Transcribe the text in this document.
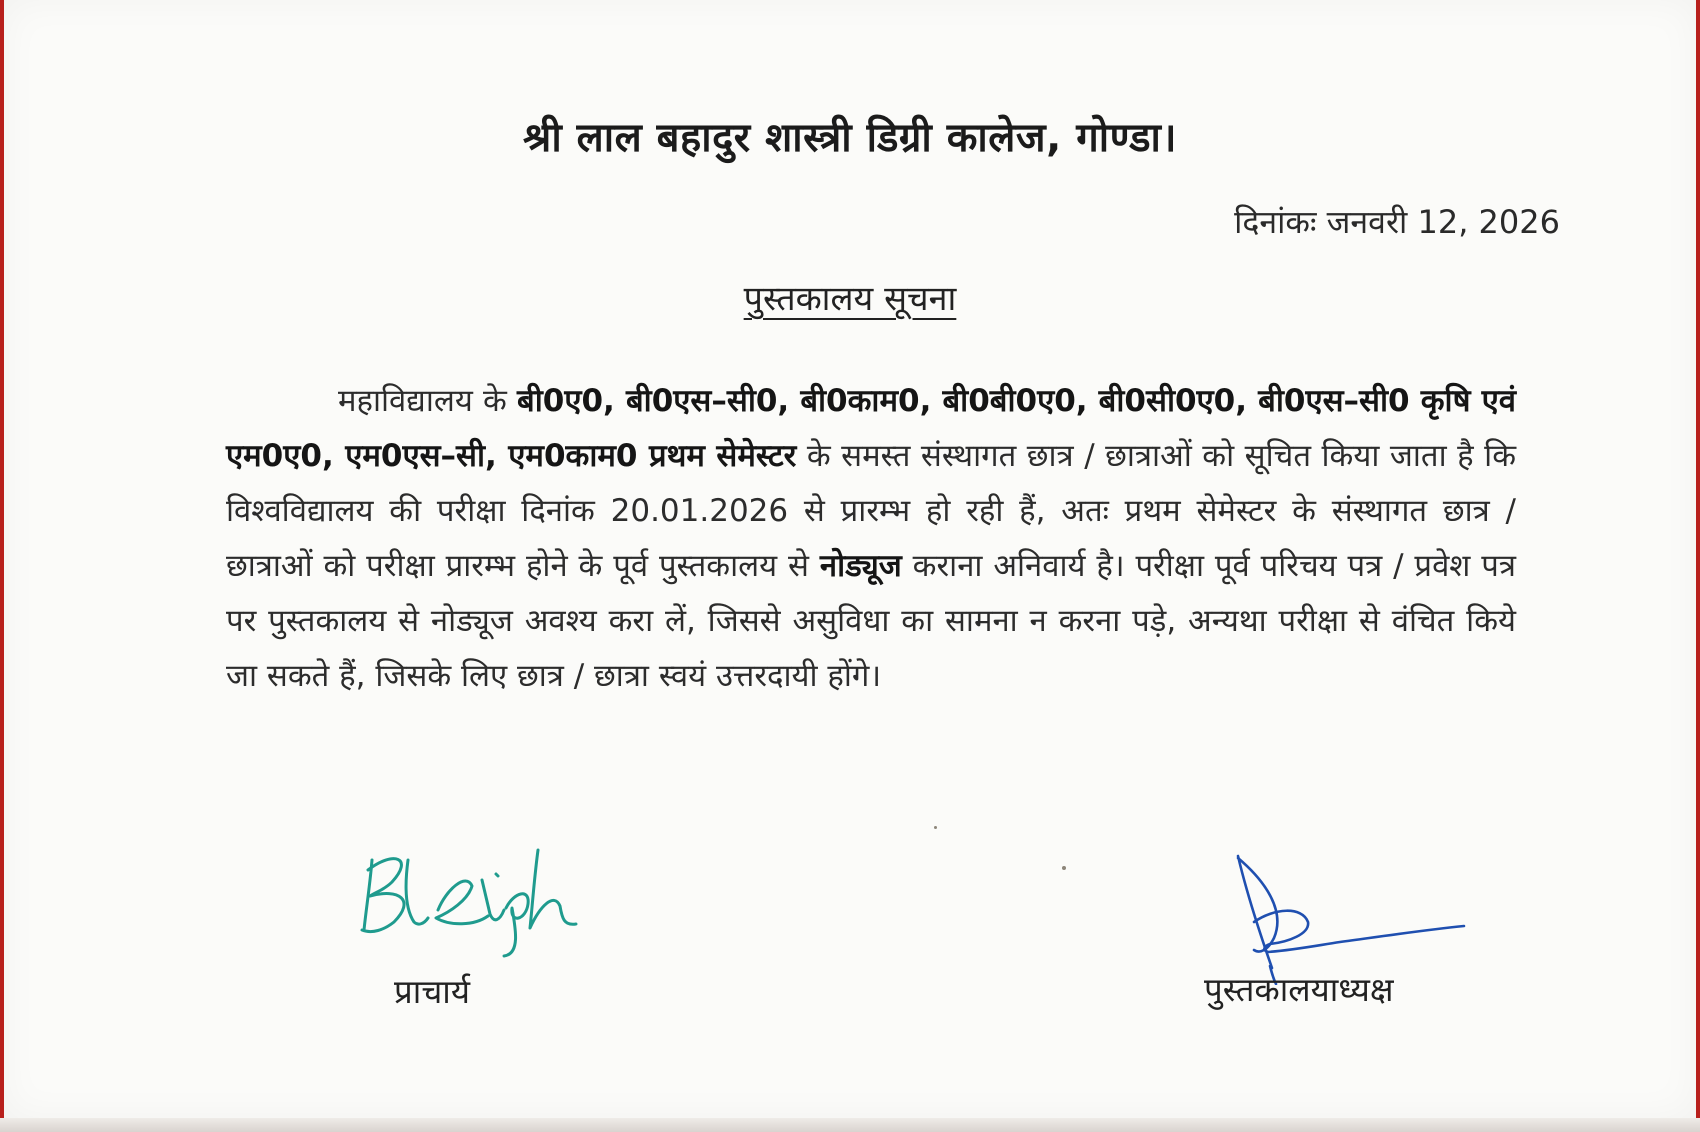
श्री लाल बहादुर शास्त्री डिग्री कालेज, गोण्डा।
दिनांकः जनवरी 12, 2026
पुस्तकालय सूचना

महाविद्यालय के बी0ए0, बी0एस–सी0, बी0काम0, बी0बी0ए0, बी0सी0ए0, बी0एस–सी0 कृषि एवं एम0ए0, एम0एस–सी, एम0काम0 प्रथम सेमेस्टर के समस्त संस्थागत छात्र / छात्राओं को सूचित किया जाता है कि विश्वविद्यालय की परीक्षा दिनांक 20.01.2026 से प्रारम्भ हो रही हैं, अतः प्रथम सेमेस्टर के संस्थागत छात्र / छात्राओं को परीक्षा प्रारम्भ होने के पूर्व पुस्तकालय से नोड्यूज कराना अनिवार्य है। परीक्षा पूर्व परिचय पत्र / प्रवेश पत्र पर पुस्तकालय से नोड्यूज अवश्य करा लें, जिससे असुविधा का सामना न करना पड़े, अन्यथा परीक्षा से वंचित किये जा सकते हैं, जिसके लिए छात्र / छात्रा स्वयं उत्तरदायी होंगे।

प्राचार्य	पुस्तकालयाध्यक्ष
